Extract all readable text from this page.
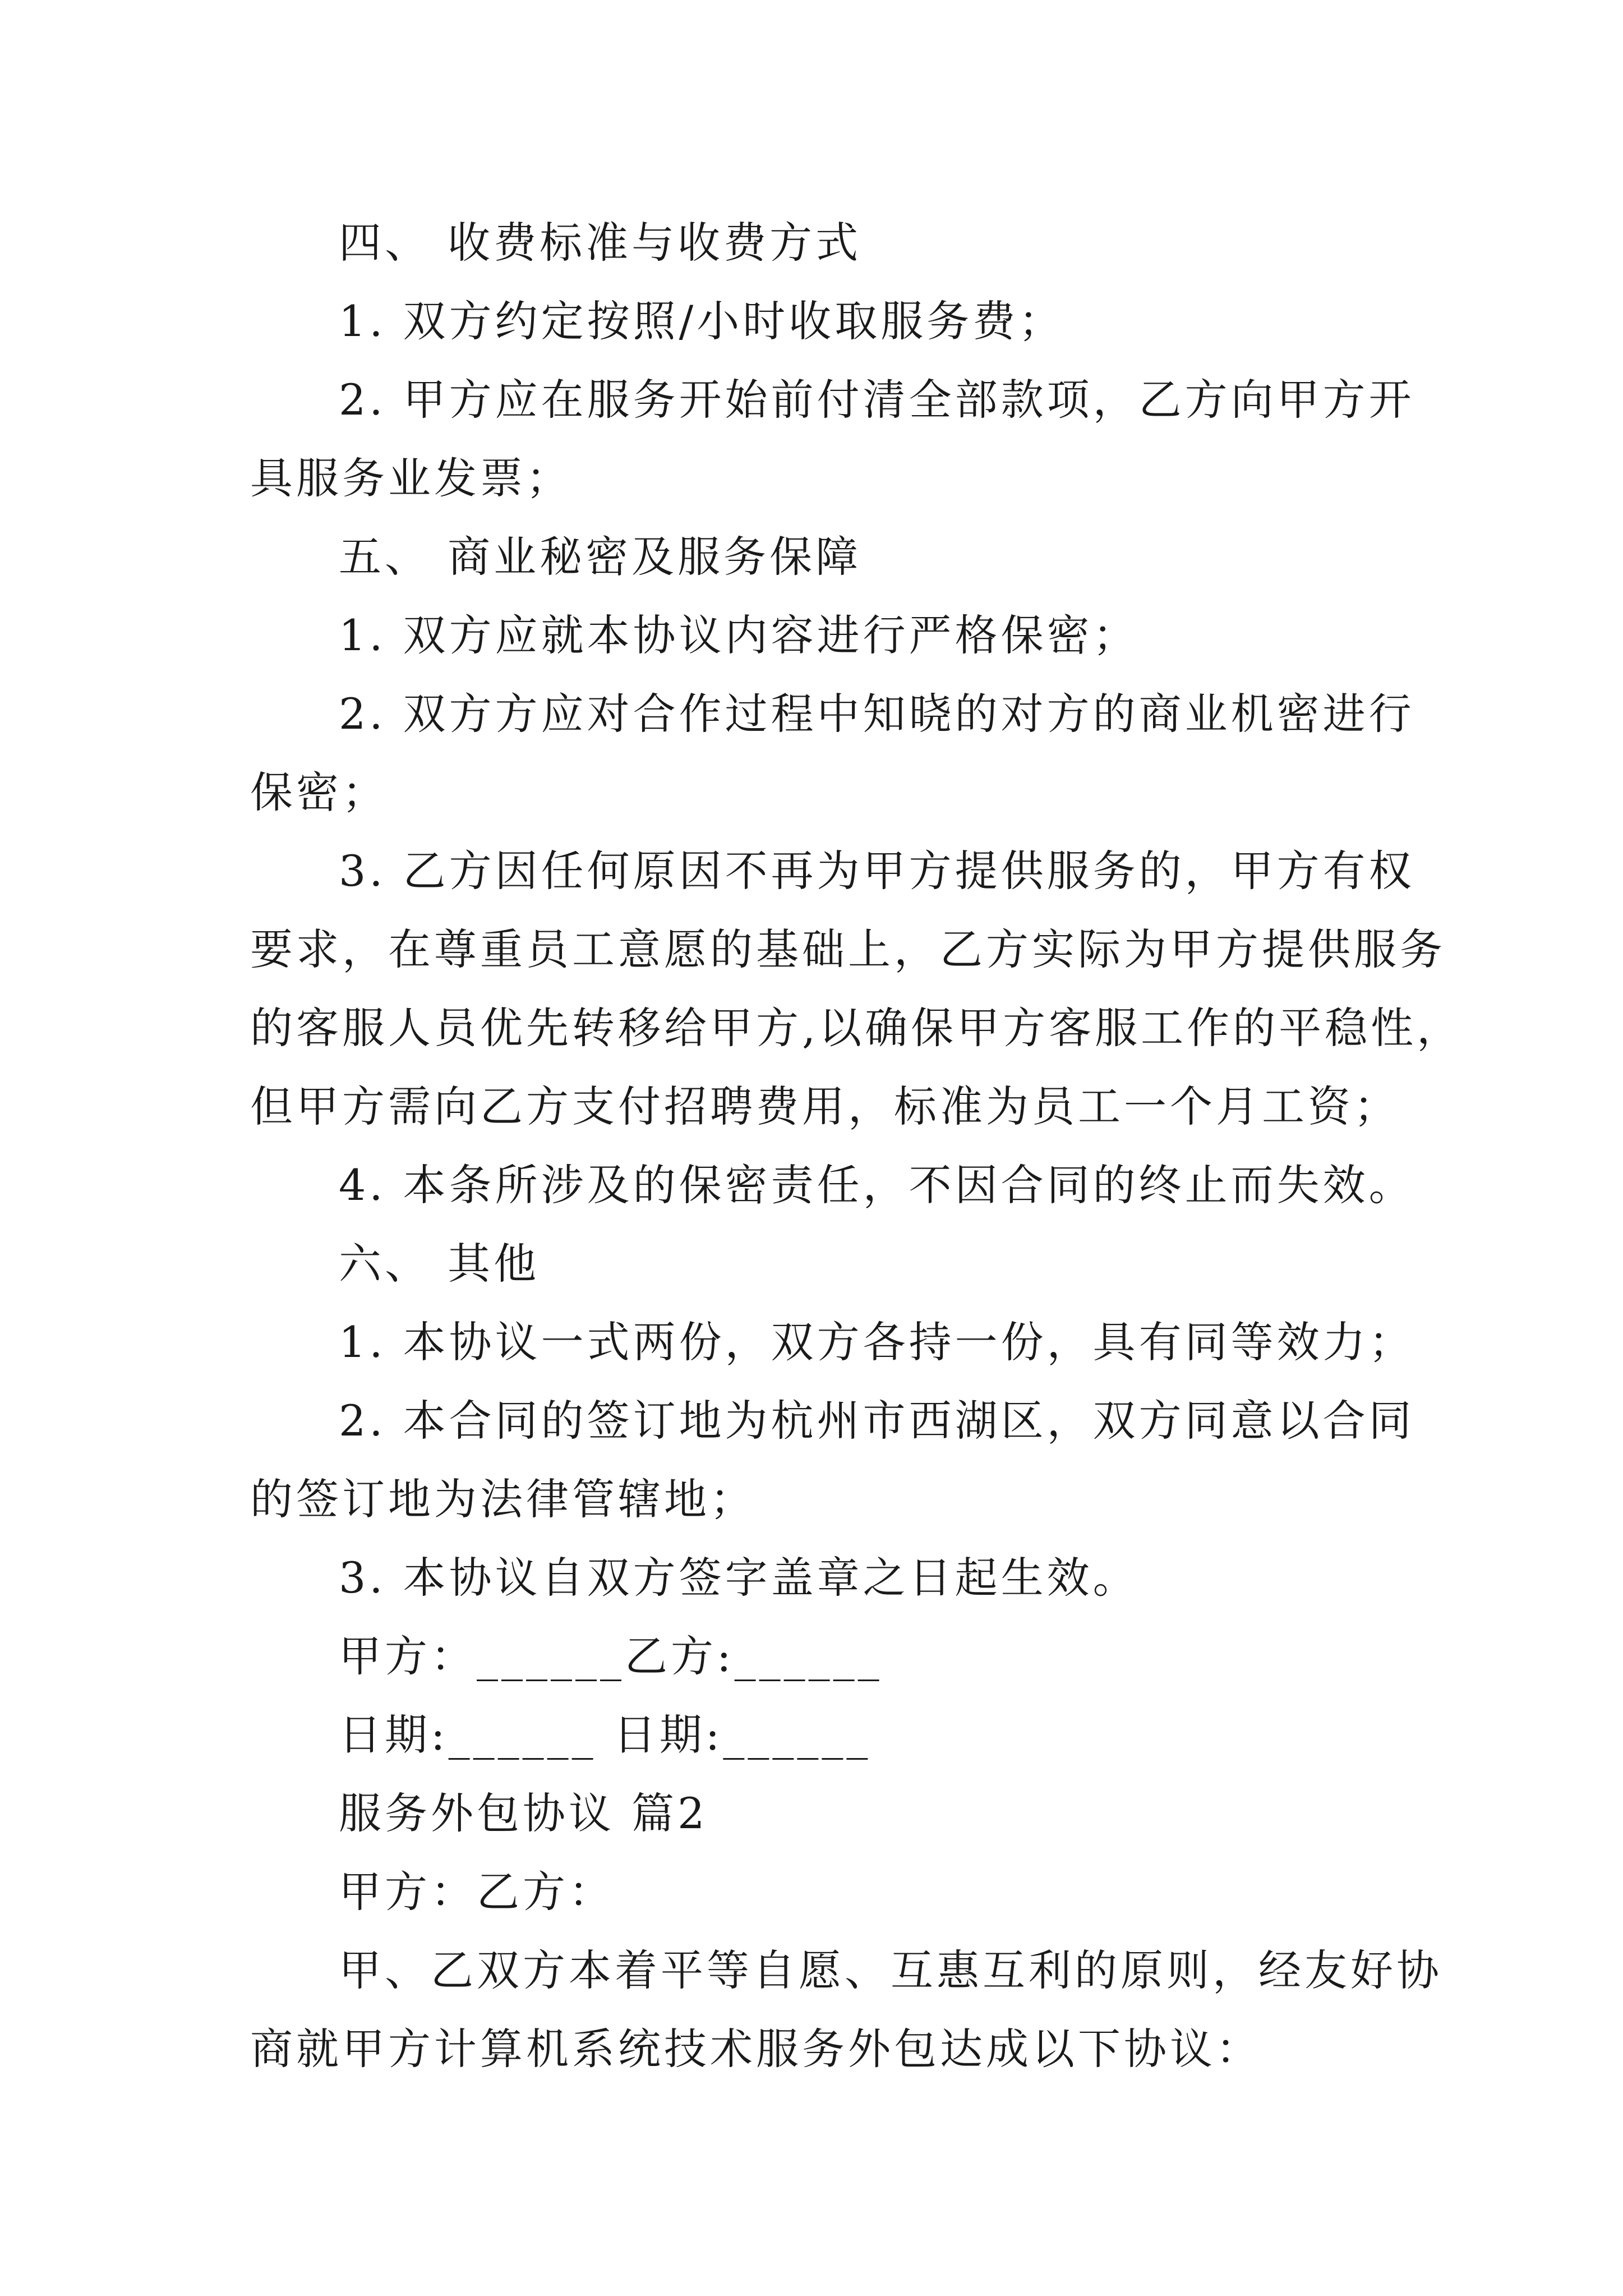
四、 收费标准与收费方式
1. 双方约定按照/小时收取服务费；
2. 甲方应在服务开始前付清全部款项，乙方向甲方开
具服务业发票；
五、 商业秘密及服务保障
1. 双方应就本协议内容进行严格保密；
2. 双方方应对合作过程中知晓的对方的商业机密进行
保密；
3. 乙方因任何原因不再为甲方提供服务的，甲方有权
要求，在尊重员工意愿的基础上，乙方实际为甲方提供服务
的客服人员优先转移给甲方,以确保甲方客服工作的平稳性，
但甲方需向乙方支付招聘费用，标准为员工一个月工资；
4. 本条所涉及的保密责任，不因合同的终止而失效。
六、 其他
1. 本协议一式两份，双方各持一份，具有同等效力；
2. 本合同的签订地为杭州市西湖区，双方同意以合同
的签订地为法律管辖地；
3. 本协议自双方签字盖章之日起生效。
甲方：______乙方:______
日期:______ 日期:______
服务外包协议 篇2
甲方：乙方：
甲、乙双方本着平等自愿、互惠互利的原则，经友好协
商就甲方计算机系统技术服务外包达成以下协议：
